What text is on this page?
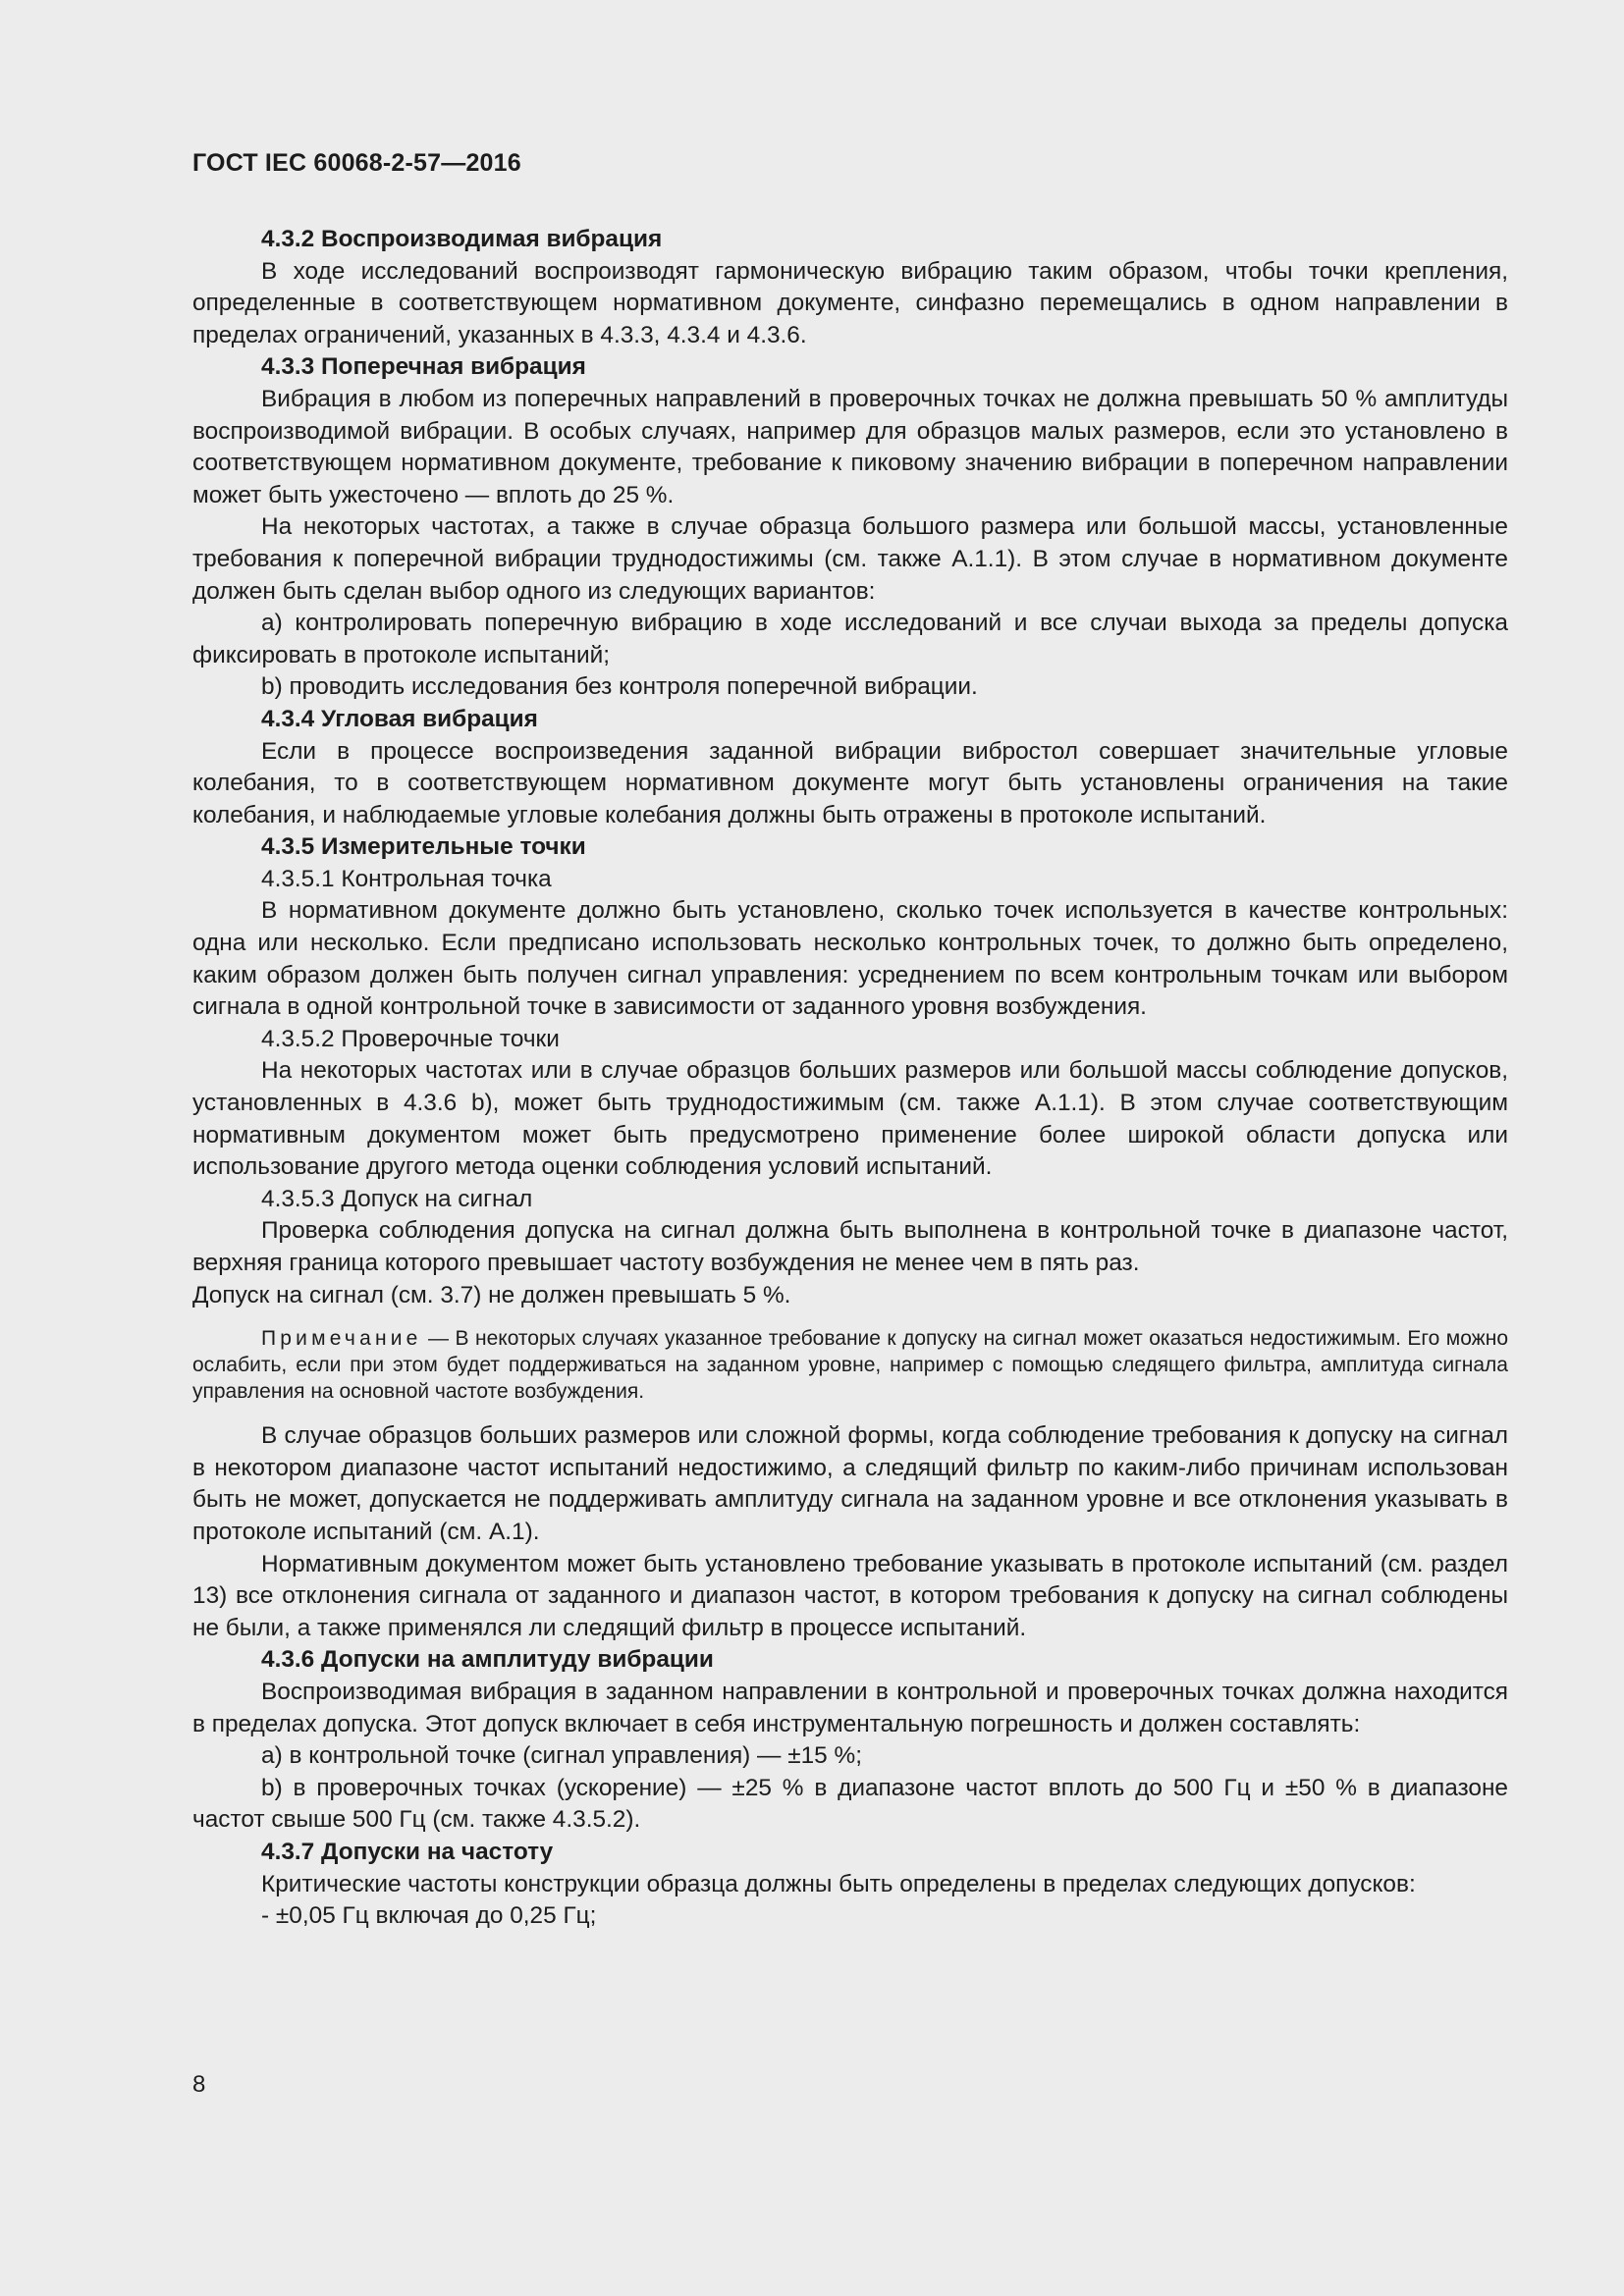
ГОСТ IEC 60068-2-57—2016

4.3.2 Воспроизводимая вибрация

В ходе исследований воспроизводят гармоническую вибрацию таким образом, чтобы точки крепления, определенные в соответствующем нормативном документе, синфазно перемещались в одном направлении в пределах ограничений, указанных в 4.3.3, 4.3.4 и 4.3.6.

4.3.3 Поперечная вибрация

Вибрация в любом из поперечных направлений в проверочных точках не должна превышать 50 % амплитуды воспроизводимой вибрации. В особых случаях, например для образцов малых размеров, если это установлено в соответствующем нормативном документе, требование к пиковому значению вибрации в поперечном направлении может быть ужесточено — вплоть до 25 %.

На некоторых частотах, а также в случае образца большого размера или большой массы, установленные требования к поперечной вибрации труднодостижимы (см. также А.1.1). В этом случае в нормативном документе должен быть сделан выбор одного из следующих вариантов:

a) контролировать поперечную вибрацию в ходе исследований и все случаи выхода за пределы допуска фиксировать в протоколе испытаний;

b) проводить исследования без контроля поперечной вибрации.

4.3.4 Угловая вибрация

Если в процессе воспроизведения заданной вибрации вибростол совершает значительные угловые колебания, то в соответствующем нормативном документе могут быть установлены ограничения на такие колебания, и наблюдаемые угловые колебания должны быть отражены в протоколе испытаний.

4.3.5 Измерительные точки

4.3.5.1 Контрольная точка

В нормативном документе должно быть установлено, сколько точек используется в качестве контрольных: одна или несколько. Если предписано использовать несколько контрольных точек, то должно быть определено, каким образом должен быть получен сигнал управления: усреднением по всем контрольным точкам или выбором сигнала в одной контрольной точке в зависимости от заданного уровня возбуждения.

4.3.5.2 Проверочные точки

На некоторых частотах или в случае образцов больших размеров или большой массы соблюдение допусков, установленных в 4.3.6 b), может быть труднодостижимым (см. также А.1.1). В этом случае соответствующим нормативным документом может быть предусмотрено применение более широкой области допуска или использование другого метода оценки соблюдения условий испытаний.

4.3.5.3 Допуск на сигнал

Проверка соблюдения допуска на сигнал должна быть выполнена в контрольной точке в диапазоне частот, верхняя граница которого превышает частоту возбуждения не менее чем в пять раз.

Допуск на сигнал (см. 3.7) не должен превышать 5 %.

Примечание — В некоторых случаях указанное требование к допуску на сигнал может оказаться недостижимым. Его можно ослабить, если при этом будет поддерживаться на заданном уровне, например с помощью следящего фильтра, амплитуда сигнала управления на основной частоте возбуждения.

В случае образцов больших размеров или сложной формы, когда соблюдение требования к допуску на сигнал в некотором диапазоне частот испытаний недостижимо, а следящий фильтр по каким-либо причинам использован быть не может, допускается не поддерживать амплитуду сигнала на заданном уровне и все отклонения указывать в протоколе испытаний (см. А.1).

Нормативным документом может быть установлено требование указывать в протоколе испытаний (см. раздел 13) все отклонения сигнала от заданного и диапазон частот, в котором требования к допуску на сигнал соблюдены не были, а также применялся ли следящий фильтр в процессе испытаний.

4.3.6 Допуски на амплитуду вибрации

Воспроизводимая вибрация в заданном направлении в контрольной и проверочных точках должна находится в пределах допуска. Этот допуск включает в себя инструментальную погрешность и должен составлять:

a) в контрольной точке (сигнал управления) — ±15 %;

b) в проверочных точках (ускорение) — ±25 % в диапазоне частот вплоть до 500 Гц и ±50 % в диапазоне частот свыше 500 Гц (см. также 4.3.5.2).

4.3.7 Допуски на частоту

Критические частоты конструкции образца должны быть определены в пределах следующих допусков:

- ±0,05 Гц включая до 0,25 Гц;

8
